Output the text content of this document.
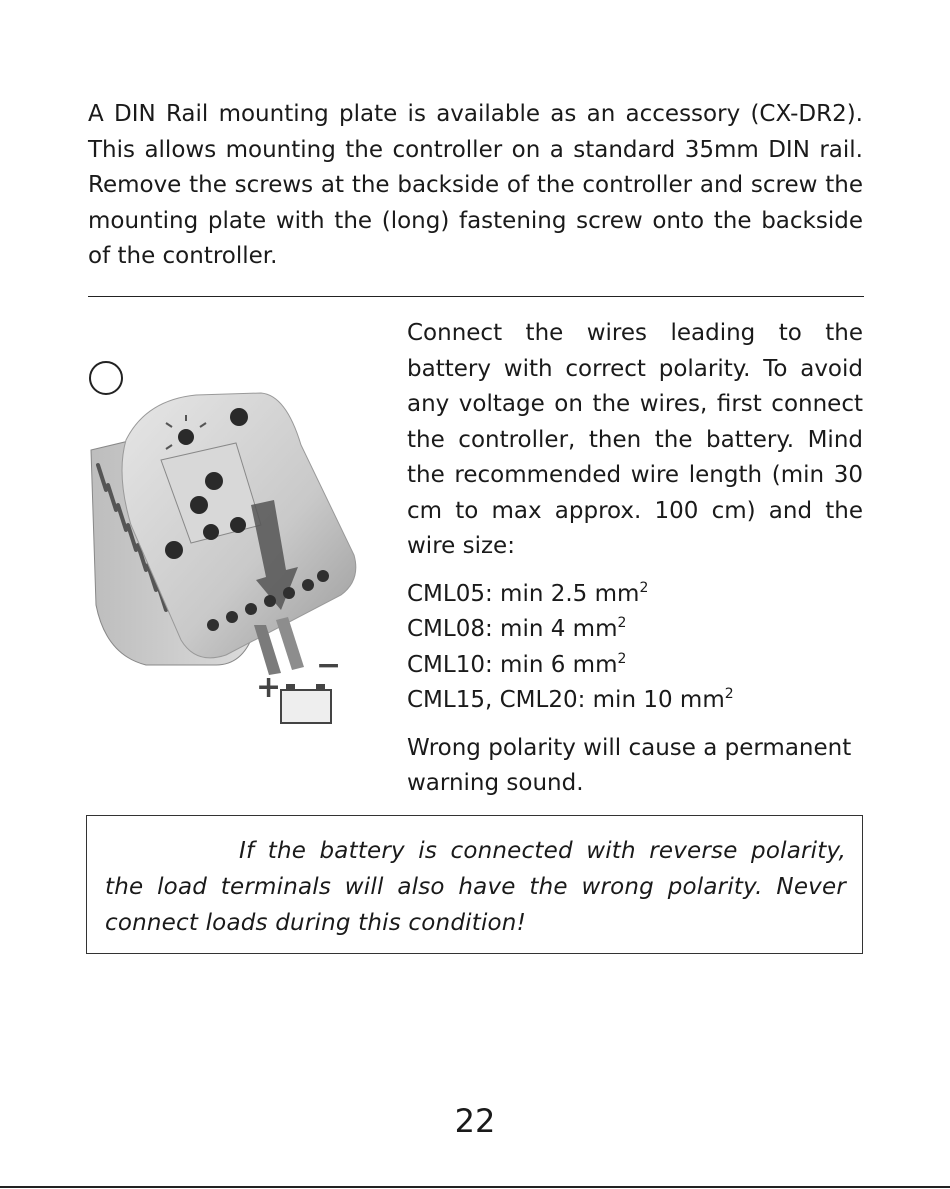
A DIN Rail mounting plate is available as an accessory (CX-DR2). This allows mounting the controller on a standard 35mm DIN rail. Remove the screws at the backside of the controller and screw the mounting plate with the (long) fastening screw onto the backside of the controller.

+
−

Connect the wires leading to the battery with correct polarity. To avoid any voltage on the wires, first connect the controller, then the battery. Mind the recommended wire length (min 30 cm to max approx. 100 cm) and the wire size:

CML05: min 2.5 $mm^2$
CML08: min 4 $mm^2$
CML10: min 6 $mm^2$
CML15, CML20: min 10 $mm^2$

Wrong polarity will cause a permanent warning sound.

If the battery is connected with reverse polarity, the load terminals will also have the wrong polarity. Never connect loads during this condition!

22
